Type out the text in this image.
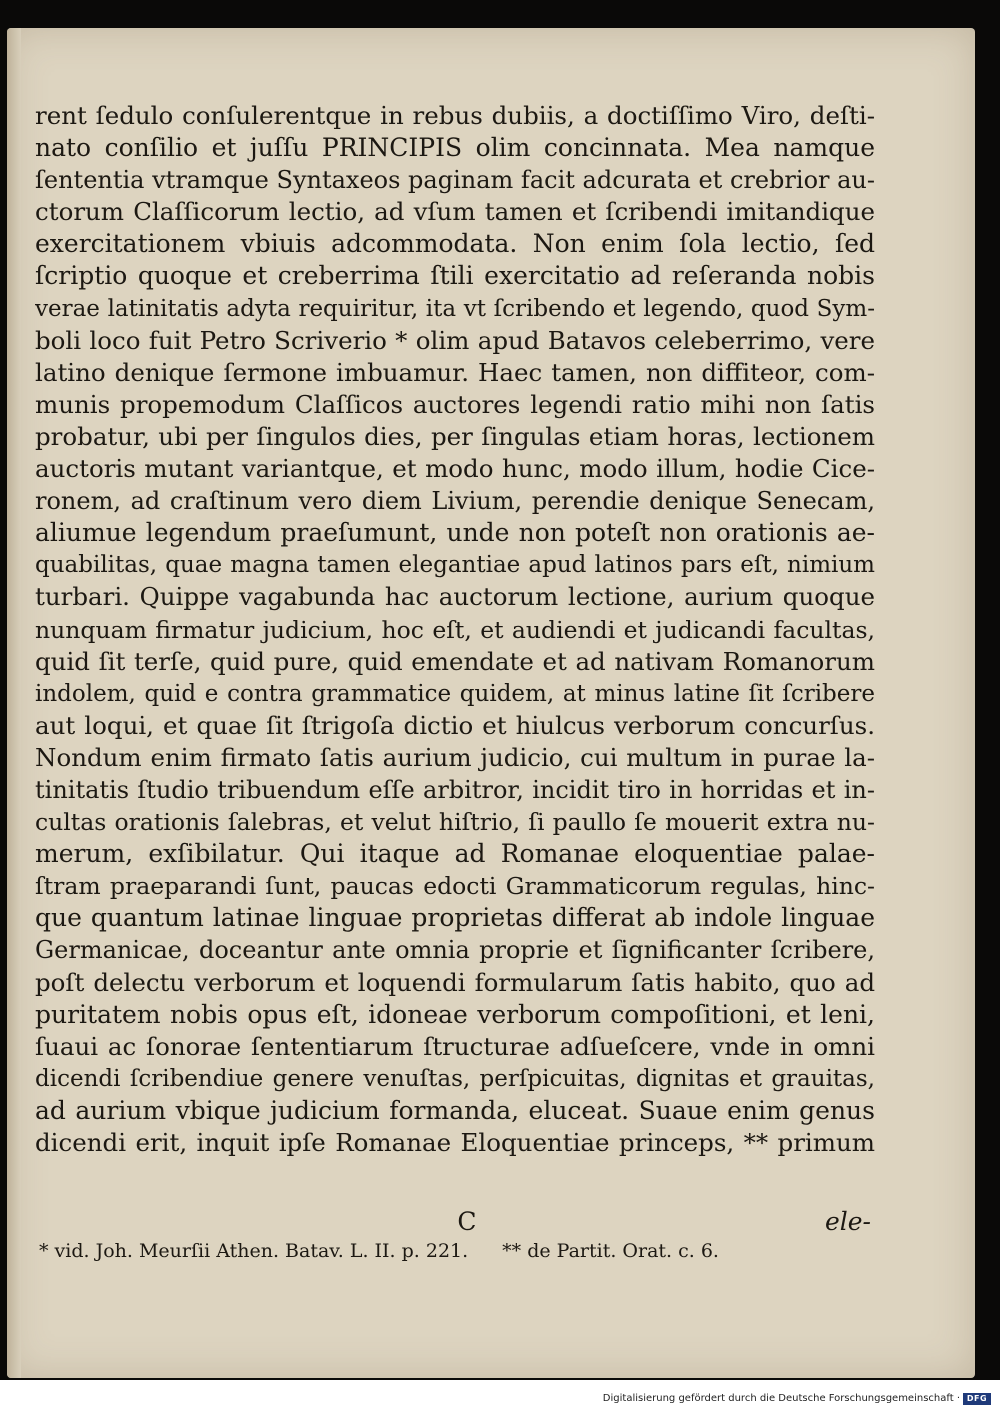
rent ſedulo conſulerentque in rebus dubiis, a doctiſſimo Viro, deſti-
nato conſilio et juſſu PRINCIPIS olim concinnata. Mea namque
ſententia vtramque Syntaxeos paginam facit adcurata et crebrior au-
ctorum Claſſicorum lectio, ad vſum tamen et ſcribendi imitandique
exercitationem vbiuis adcommodata. Non enim ſola lectio, ſed
ſcriptio quoque et creberrima ſtili exercitatio ad reſeranda nobis
verae latinitatis adyta requiritur, ita vt ſcribendo et legendo, quod Sym-
boli loco fuit Petro Scriverio * olim apud Batavos celeberrimo, vere
latino denique ſermone imbuamur. Haec tamen, non diffiteor, com-
munis propemodum Claſſicos auctores legendi ratio mihi non ſatis
probatur, ubi per ſingulos dies, per ſingulas etiam horas, lectionem
auctoris mutant variantque, et modo hunc, modo illum, hodie Cice-
ronem, ad craſtinum vero diem Livium, perendie denique Senecam,
aliumue legendum praeſumunt, unde non poteſt non orationis ae-
quabilitas, quae magna tamen elegantiae apud latinos pars eſt, nimium
turbari. Quippe vagabunda hac auctorum lectione, aurium quoque
nunquam firmatur judicium, hoc eſt, et audiendi et judicandi facultas,
quid ſit terſe, quid pure, quid emendate et ad nativam Romanorum
indolem, quid e contra grammatice quidem, at minus latine ſit ſcribere
aut loqui, et quae ſit ſtrigoſa dictio et hiulcus verborum concurſus.
Nondum enim firmato ſatis aurium judicio, cui multum in purae la-
tinitatis ſtudio tribuendum eſſe arbitror, incidit tiro in horridas et in-
cultas orationis ſalebras, et velut hiſtrio, ſi paullo ſe mouerit extra nu-
merum, exſibilatur. Qui itaque ad Romanae eloquentiae palae-
ſtram praeparandi ſunt, paucas edocti Grammaticorum regulas, hinc-
que quantum latinae linguae proprietas differat ab indole linguae
Germanicae, doceantur ante omnia proprie et ſignificanter ſcribere,
poſt delectu verborum et loquendi formularum ſatis habito, quo ad
puritatem nobis opus eſt, idoneae verborum compoſitioni, et leni,
ſuaui ac ſonorae ſententiarum ſtructurae adſueſcere, vnde in omni
dicendi ſcribendiue genere venuſtas, perſpicuitas, dignitas et grauitas,
ad aurium vbique judicium formanda, eluceat. Suaue enim genus
dicendi erit, inquit ipſe Romanae Eloquentiae princeps, ** primum
C	ele-
* vid. Joh. Meurſii Athen. Batav. L. II. p. 221. ** de Partit. Orat. c. 6.
Digitalisierung gefördert durch die Deutsche Forschungsgemeinschaft · DFG
